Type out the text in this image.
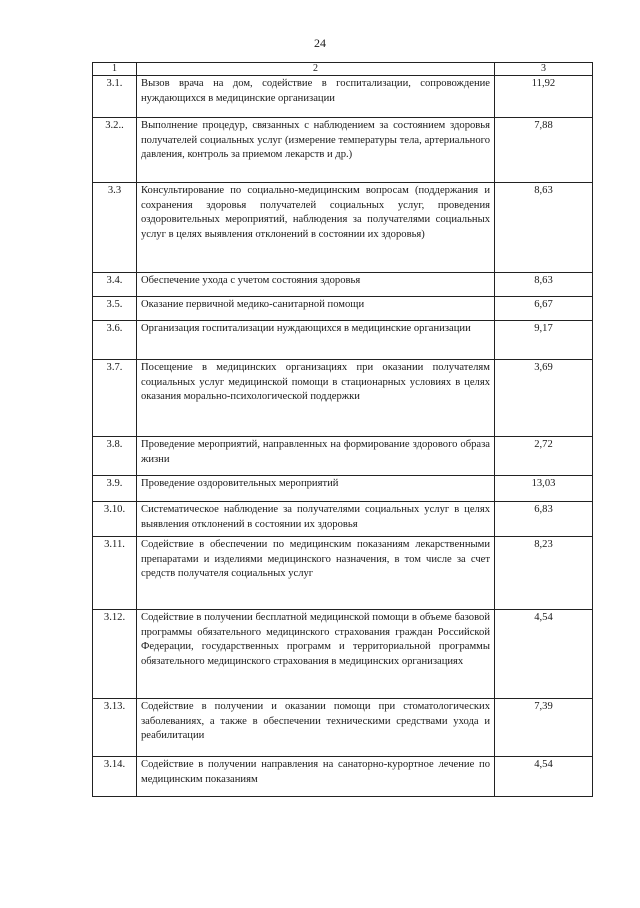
24
1	2	3
3.1.	Вызов врача на дом, содействие в госпитализации, сопровождение нуждающихся в медицинские организации	11,92
3.2..	Выполнение процедур, связанных с наблюдением за состоянием здоровья получателей социальных услуг (измерение температуры тела, артериального давления, контроль за приемом лекарств и др.)	7,88
3.3	Консультирование по социально-медицинским вопросам (поддержания и сохранения здоровья получателей социальных услуг, проведения оздоровительных мероприятий, наблюдения за получателями социальных услуг в целях выявления отклонений в состоянии их здоровья)	8,63
3.4.	Обеспечение ухода с учетом состояния здоровья	8,63
3.5.	Оказание первичной медико-санитарной помощи	6,67
3.6.	Организация госпитализации нуждающихся в медицинские организации	9,17
3.7.	Посещение в медицинских организациях при оказании получателям социальных услуг медицинской помощи в стационарных условиях в целях оказания морально-психологической поддержки	3,69
3.8.	Проведение мероприятий, направленных на формирование здорового образа жизни	2,72
3.9.	Проведение оздоровительных мероприятий	13,03
3.10.	Систематическое наблюдение за получателями социальных услуг в целях выявления отклонений в состоянии их здоровья	6,83
3.11.	Содействие в обеспечении по медицинским показаниям лекарственными препаратами и изделиями медицинского назначения, в том числе за счет средств получателя социальных услуг	8,23
3.12.	Содействие в получении бесплатной медицинской помощи в объеме базовой программы обязательного медицинского страхования граждан Российской Федерации, государственных программ и территориальной программы обязательного медицинского страхования в медицинских организациях	4,54
3.13.	Содействие в получении и оказании помощи при стоматологических заболеваниях, а также в обеспечении техническими средствами ухода и реабилитации	7,39
3.14.	Содействие в получении направления на санаторно-курортное лечение по медицинским показаниям	4,54
